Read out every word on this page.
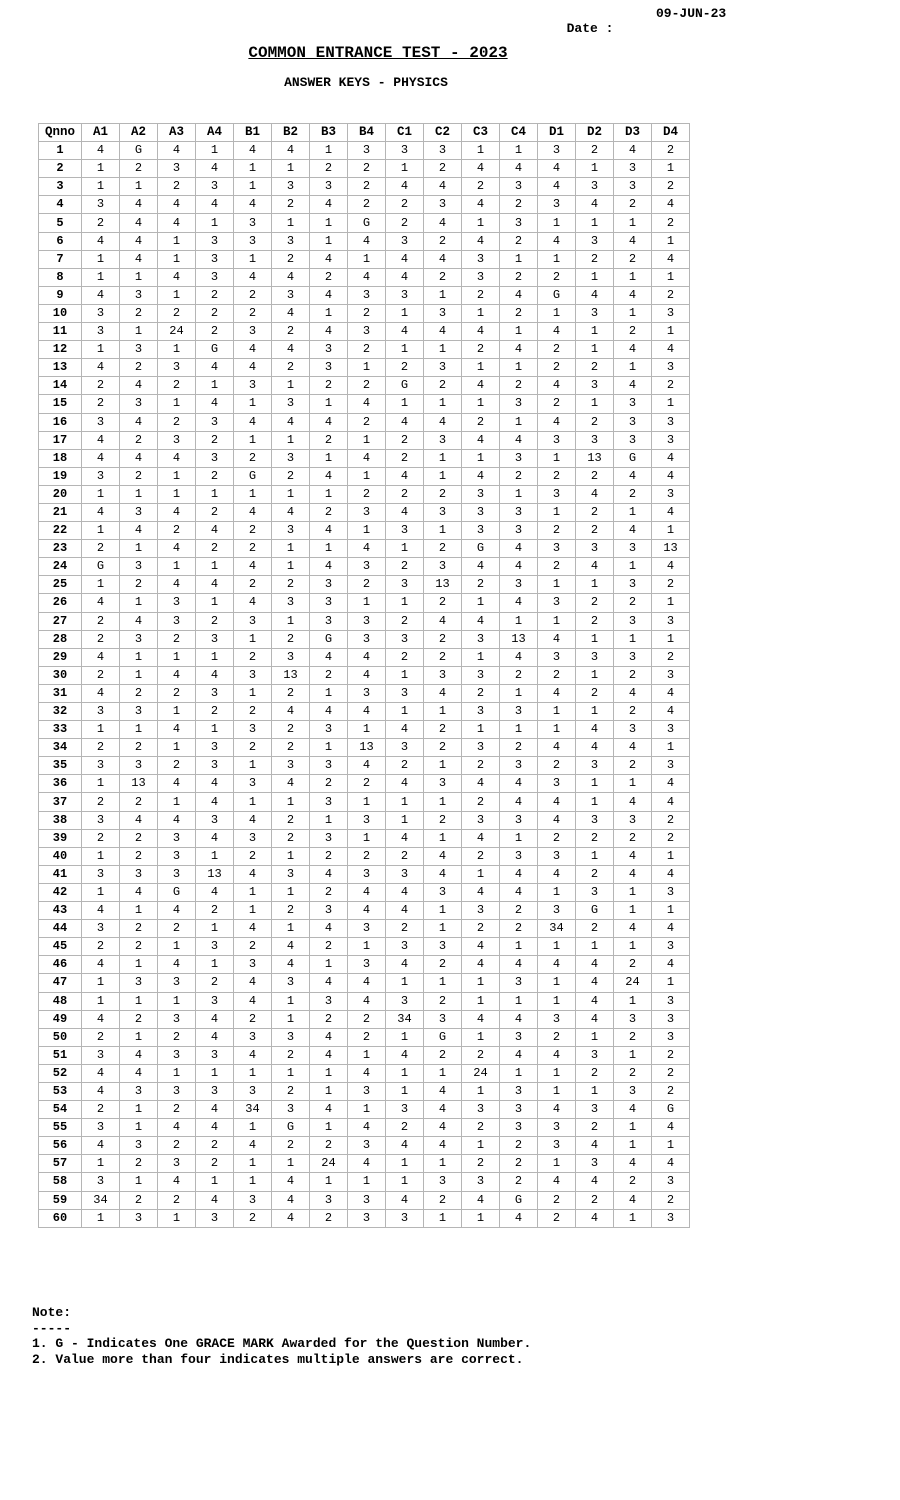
Date :

09-JUN-23

COMMON ENTRANCE TEST - 2023
ANSWER KEYS - PHYSICS
Qnno	A1	A2	A3	A4	B1	B2	B3	B4	C1	C2	C3	C4	D1	D2	D3	D4
1	4	G	4	1	4	4	1	3	3	3	1	1	3	2	4	2
2	1	2	3	4	1	1	2	2	1	2	4	4	4	1	3	1
3	1	1	2	3	1	3	3	2	4	4	2	3	4	3	3	2
4	3	4	4	4	4	2	4	2	2	3	4	2	3	4	2	4
5	2	4	4	1	3	1	1	G	2	4	1	3	1	1	1	2
6	4	4	1	3	3	3	1	4	3	2	4	2	4	3	4	1
7	1	4	1	3	1	2	4	1	4	4	3	1	1	2	2	4
8	1	1	4	3	4	4	2	4	4	2	3	2	2	1	1	1
9	4	3	1	2	2	3	4	3	3	1	2	4	G	4	4	2
10	3	2	2	2	2	4	1	2	1	3	1	2	1	3	1	3
11	3	1	24	2	3	2	4	3	4	4	4	1	4	1	2	1
12	1	3	1	G	4	4	3	2	1	1	2	4	2	1	4	4
13	4	2	3	4	4	2	3	1	2	3	1	1	2	2	1	3
14	2	4	2	1	3	1	2	2	G	2	4	2	4	3	4	2
15	2	3	1	4	1	3	1	4	1	1	1	3	2	1	3	1
16	3	4	2	3	4	4	4	2	4	4	2	1	4	2	3	3
17	4	2	3	2	1	1	2	1	2	3	4	4	3	3	3	3
18	4	4	4	3	2	3	1	4	2	1	1	3	1	13	G	4
19	3	2	1	2	G	2	4	1	4	1	4	2	2	2	4	4
20	1	1	1	1	1	1	1	2	2	2	3	1	3	4	2	3
21	4	3	4	2	4	4	2	3	4	3	3	3	1	2	1	4
22	1	4	2	4	2	3	4	1	3	1	3	3	2	2	4	1
23	2	1	4	2	2	1	1	4	1	2	G	4	3	3	3	13
24	G	3	1	1	4	1	4	3	2	3	4	4	2	4	1	4
25	1	2	4	4	2	2	3	2	3	13	2	3	1	1	3	2
26	4	1	3	1	4	3	3	1	1	2	1	4	3	2	2	1
27	2	4	3	2	3	1	3	3	2	4	4	1	1	2	3	3
28	2	3	2	3	1	2	G	3	3	2	3	13	4	1	1	1
29	4	1	1	1	2	3	4	4	2	2	1	4	3	3	3	2
30	2	1	4	4	3	13	2	4	1	3	3	2	2	1	2	3
31	4	2	2	3	1	2	1	3	3	4	2	1	4	2	4	4
32	3	3	1	2	2	4	4	4	1	1	3	3	1	1	2	4
33	1	1	4	1	3	2	3	1	4	2	1	1	1	4	3	3
34	2	2	1	3	2	2	1	13	3	2	3	2	4	4	4	1
35	3	3	2	3	1	3	3	4	2	1	2	3	2	3	2	3
36	1	13	4	4	3	4	2	2	4	3	4	4	3	1	1	4
37	2	2	1	4	1	1	3	1	1	1	2	4	4	1	4	4
38	3	4	4	3	4	2	1	3	1	2	3	3	4	3	3	2
39	2	2	3	4	3	2	3	1	4	1	4	1	2	2	2	2
40	1	2	3	1	2	1	2	2	2	4	2	3	3	1	4	1
41	3	3	3	13	4	3	4	3	3	4	1	4	4	2	4	4
42	1	4	G	4	1	1	2	4	4	3	4	4	1	3	1	3
43	4	1	4	2	1	2	3	4	4	1	3	2	3	G	1	1
44	3	2	2	1	4	1	4	3	2	1	2	2	34	2	4	4
45	2	2	1	3	2	4	2	1	3	3	4	1	1	1	1	3
46	4	1	4	1	3	4	1	3	4	2	4	4	4	4	2	4
47	1	3	3	2	4	3	4	4	1	1	1	3	1	4	24	1
48	1	1	1	3	4	1	3	4	3	2	1	1	1	4	1	3
49	4	2	3	4	2	1	2	2	34	3	4	4	3	4	3	3
50	2	1	2	4	3	3	4	2	1	G	1	3	2	1	2	3
51	3	4	3	3	4	2	4	1	4	2	2	4	4	3	1	2
52	4	4	1	1	1	1	1	4	1	1	24	1	1	2	2	2
53	4	3	3	3	3	2	1	3	1	4	1	3	1	1	3	2
54	2	1	2	4	34	3	4	1	3	4	3	3	4	3	4	G
55	3	1	4	4	1	G	1	4	2	4	2	3	3	2	1	4
56	4	3	2	2	4	2	2	3	4	4	1	2	3	4	1	1
57	1	2	3	2	1	1	24	4	1	1	2	2	1	3	4	4
58	3	1	4	1	1	4	1	1	1	3	3	2	4	4	2	3
59	34	2	2	4	3	4	3	3	4	2	4	G	2	2	4	2
60	1	3	1	3	2	4	2	3	3	1	1	4	2	4	1	3
Note:
-----
1. G - Indicates One GRACE MARK Awarded for the Question Number.
2. Value more than four indicates multiple answers are correct.
